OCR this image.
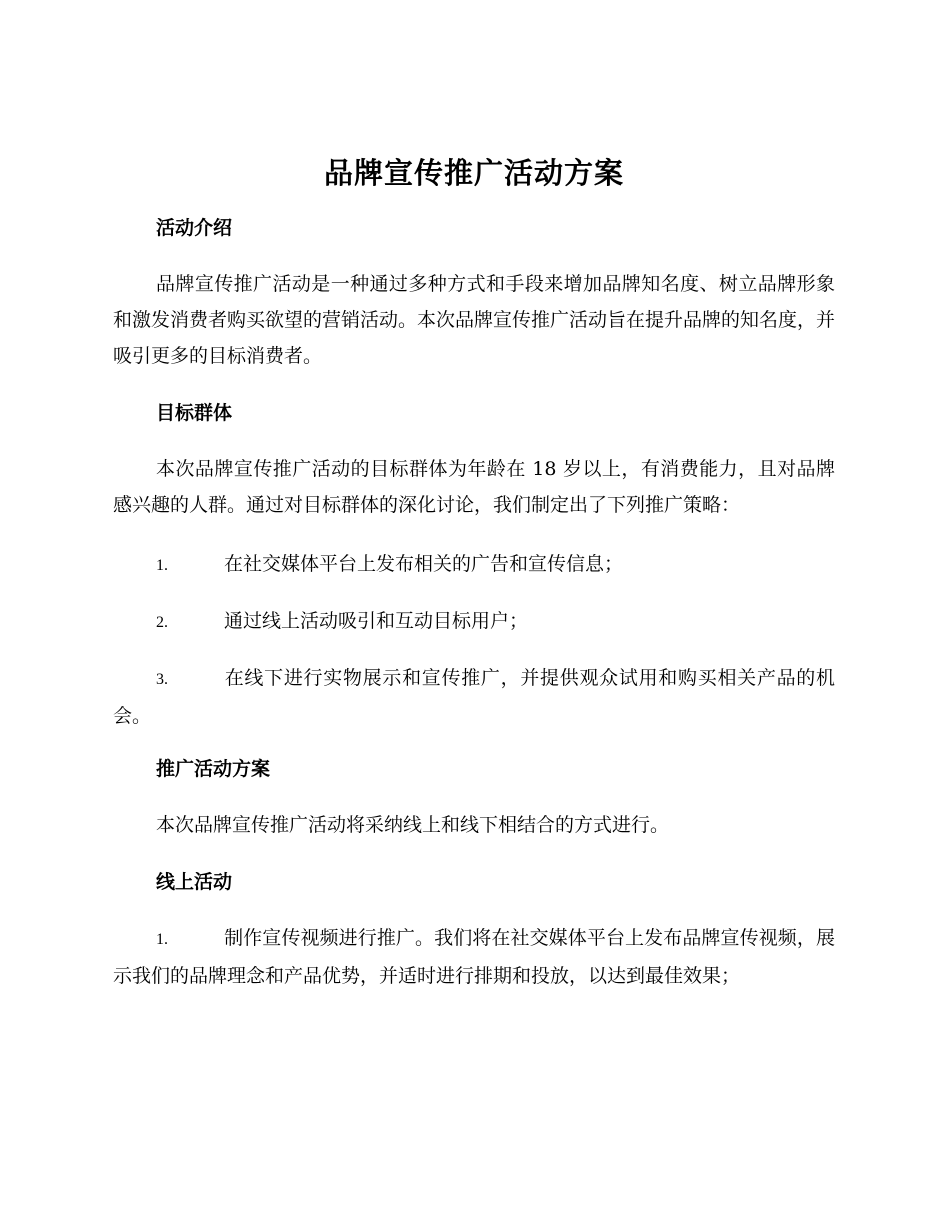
品牌宣传推广活动方案
活动介绍

品牌宣传推广活动是一种通过多种方式和手段来增加品牌知名度、树立品牌形象和激发消费者购买欲望的营销活动。本次品牌宣传推广活动旨在提升品牌的知名度，并吸引更多的目标消费者。

目标群体

本次品牌宣传推广活动的目标群体为年龄在 18 岁以上，有消费能力，且对品牌感兴趣的人群。通过对目标群体的深化讨论，我们制定出了下列推广策略：

1.	在社交媒体平台上发布相关的广告和宣传信息；
2.	通过线上活动吸引和互动目标用户；
3.	在线下进行实物展示和宣传推广，并提供观众试用和购买相关产品的机会。
推广活动方案

本次品牌宣传推广活动将采纳线上和线下相结合的方式进行。

线上活动
1.	制作宣传视频进行推广。我们将在社交媒体平台上发布品牌宣传视频，展示我们的品牌理念和产品优势，并适时进行排期和投放，以达到最佳效果；
